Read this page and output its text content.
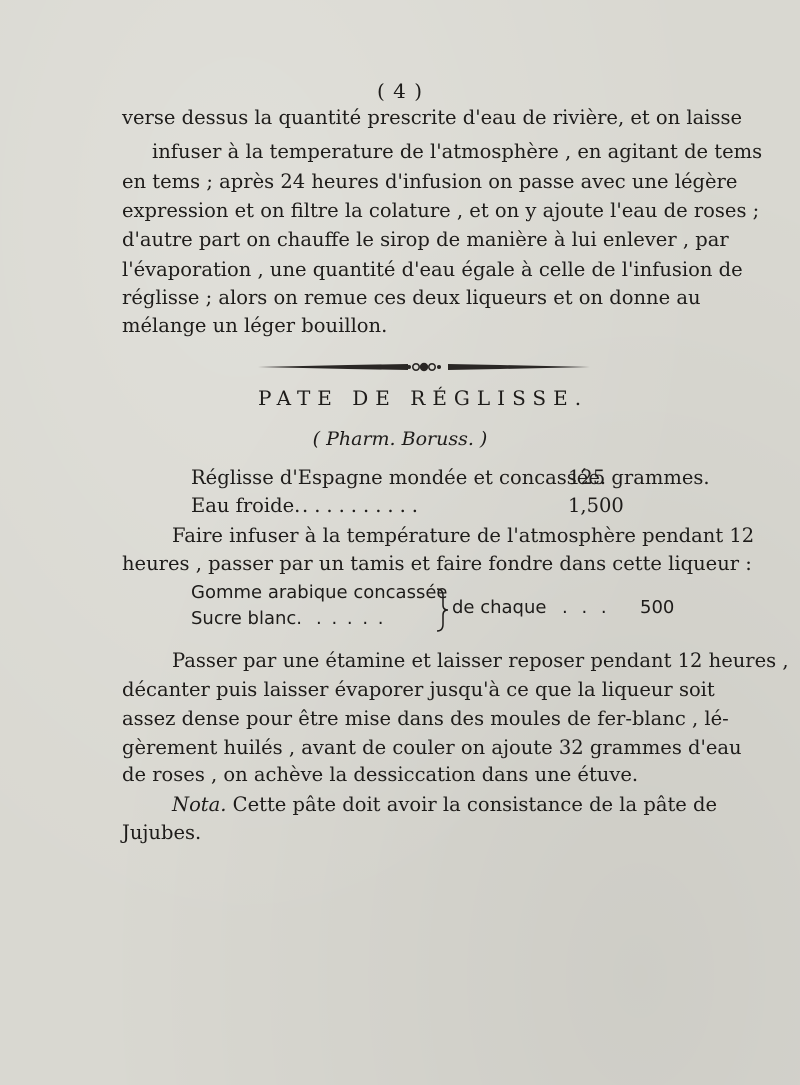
( 4 )
verse dessus la quantité prescrite d'eau de rivière, et on laisse
infuser à la temperature de l'atmosphère , en agitant de tems
en tems ; après 24 heures d'infusion on passe avec une légère
expression et on filtre la colature , et on y ajoute l'eau de roses ;
d'autre part on chauffe le sirop de manière à lui enlever , par
l'évaporation , une quantité d'eau égale à celle de l'infusion de
réglisse ; alors on remue ces deux liqueurs et on donne au
mélange un léger bouillon.
PATE DE RÉGLISSE.
( Pharm. Boruss. )
Réglisse d'Espagne mondée et concassée.
125 grammes.
Eau froide. ..........	1,500
Faire infuser à la température de l'atmosphère pendant 12
heures , passer par un tamis et faire fondre dans cette liqueur :
Gomme arabique concassée
Sucre blanc. . . . . .
de chaque . . . 500
Passer par une étamine et laisser reposer pendant 12 heures ,
décanter puis laisser évaporer jusqu'à ce que la liqueur soit
assez dense pour être mise dans des moules de fer-blanc , lé-
gèrement huilés , avant de couler on ajoute 32 grammes d'eau
de roses , on achève la dessiccation dans une étuve.
Nota. Cette pâte doit avoir la consistance de la pâte de
Jujubes.
